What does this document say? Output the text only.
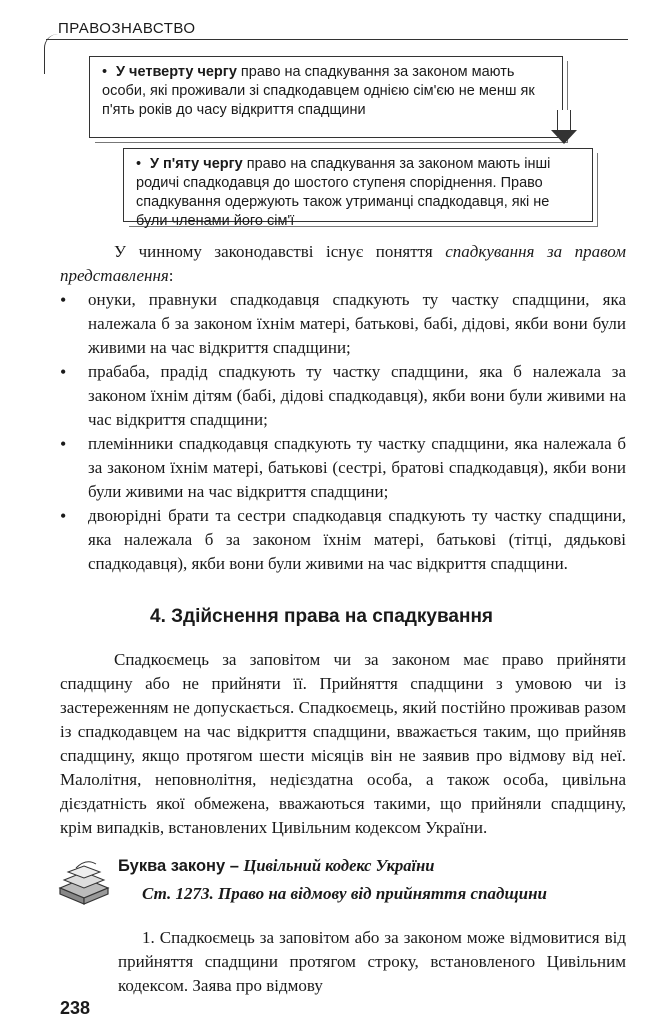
ПРАВОЗНАВСТВО
• У четверту чергу право на спадкування за законом мають особи, які проживали зі спадкодавцем однією сім'єю не менш як п'ять років до часу відкриття спадщини
• У п'яту чергу право на спадкування за законом мають інші родичі спадкодавця до шостого ступеня споріднення. Право спадкування одержують також утриманці спадкодавця, які не були членами його сім'ї

У чинному законодавстві існує поняття спадкування за правом представлення:

• онуки, правнуки спадкодавця спадкують ту частку спадщини, яка належала б за законом їхнім матері, батькові, бабі, дідові, якби вони були живими на час відкриття спадщини;
• прабаба, прадід спадкують ту частку спадщини, яка б належала за законом їхнім дітям (бабі, дідові спадкодавця), якби вони були живими на час відкриття спадщини;
• племінники спадкодавця спадкують ту частку спадщини, яка належала б за законом їхнім матері, батькові (сестрі, братові спадкодавця), якби вони були живими на час відкриття спадщини;
• двоюрідні брати та сестри спадкодавця спадкують ту частку спадщини, яка належала б за законом їхнім матері, батькові (тітці, дядькові спадкодавця), якби вони були живими на час відкриття спадщини.
4. Здійснення права на спадкування

Спадкоємець за заповітом чи за законом має право прийняти спадщину або не прийняти її. Прийняття спадщини з умовою чи із застереженням не допускається. Спадкоємець, який постійно проживав разом із спадкодавцем на час відкриття спадщини, вважається таким, що прийняв спадщину, якщо протягом шести місяців він не заявив про відмову від неї. Малолітня, неповнолітня, недієздатна особа, а також особа, цивільна дієздатність якої обмежена, вважаються такими, що прийняли спадщину, крім випадків, встановлених Цивільним кодексом України.

Буква закону – Цивільний кодекс України

Ст. 1273. Право на відмову від прийняття спадщини

1. Спадкоємець за заповітом або за законом може відмовитися від прийняття спадщини протягом строку, встановленого Цивільним кодексом. Заява про відмову

238
